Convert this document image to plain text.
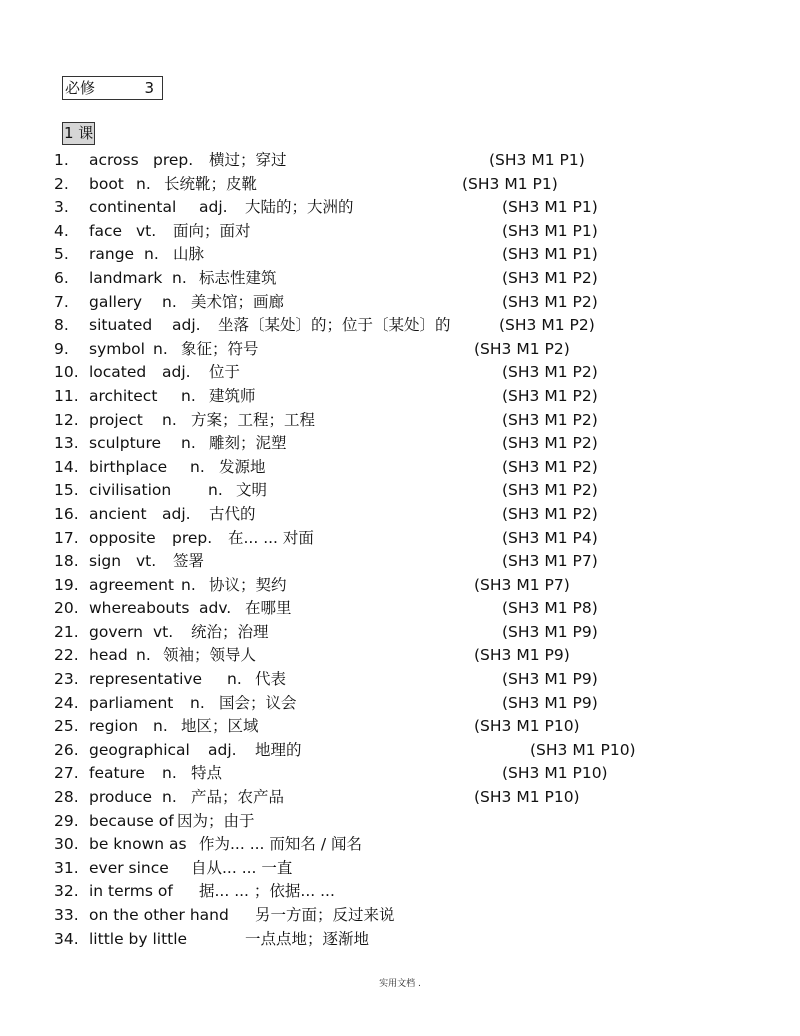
必修	3
1 课
1. across prep. 横过；穿过	(SH3 M1 P1)
2. boot n. 长统靴；皮靴	(SH3 M1 P1)
3. continental adj. 大陆的；大洲的	(SH3 M1 P1)
4. face vt. 面向；面对	(SH3 M1 P1)
5. range n. 山脉	(SH3 M1 P1)
6. landmark n. 标志性建筑	(SH3 M1 P2)
7. gallery n. 美术馆；画廊	(SH3 M1 P2)
8. situated adj. 坐落〔某处〕的；位于〔某处〕的	(SH3 M1 P2)
9. symbol n. 象征；符号	(SH3 M1 P2)
10. located adj. 位于	(SH3 M1 P2)
11. architect n. 建筑师	(SH3 M1 P2)
12. project n. 方案；工程；工程	(SH3 M1 P2)
13. sculpture n. 雕刻；泥塑	(SH3 M1 P2)
14. birthplace n. 发源地	(SH3 M1 P2)
15. civilisation n. 文明	(SH3 M1 P2)
16. ancient adj. 古代的	(SH3 M1 P2)
17. opposite prep. 在... ... 对面	(SH3 M1 P4)
18. sign vt. 签署	(SH3 M1 P7)
19. agreement n. 协议；契约	(SH3 M1 P7)
20. whereabouts adv. 在哪里	(SH3 M1 P8)
21. govern vt. 统治；治理	(SH3 M1 P9)
22. head n. 领袖；领导人	(SH3 M1 P9)
23. representative n. 代表	(SH3 M1 P9)
24. parliament n. 国会；议会	(SH3 M1 P9)
25. region n. 地区；区域	(SH3 M1 P10)
26. geographical adj. 地理的	(SH3 M1 P10)
27. feature n. 特点	(SH3 M1 P10)
28. produce n. 产品；农产品	(SH3 M1 P10)
29. because of 因为；由于
30. be known as 作为... ... 而知名 / 闻名
31. ever since 自从... ... 一直
32. in terms of 据... ... ；依据... ...
33. on the other hand 另一方面；反过来说
34. little by little	一点点地；逐渐地
实用文档 .
